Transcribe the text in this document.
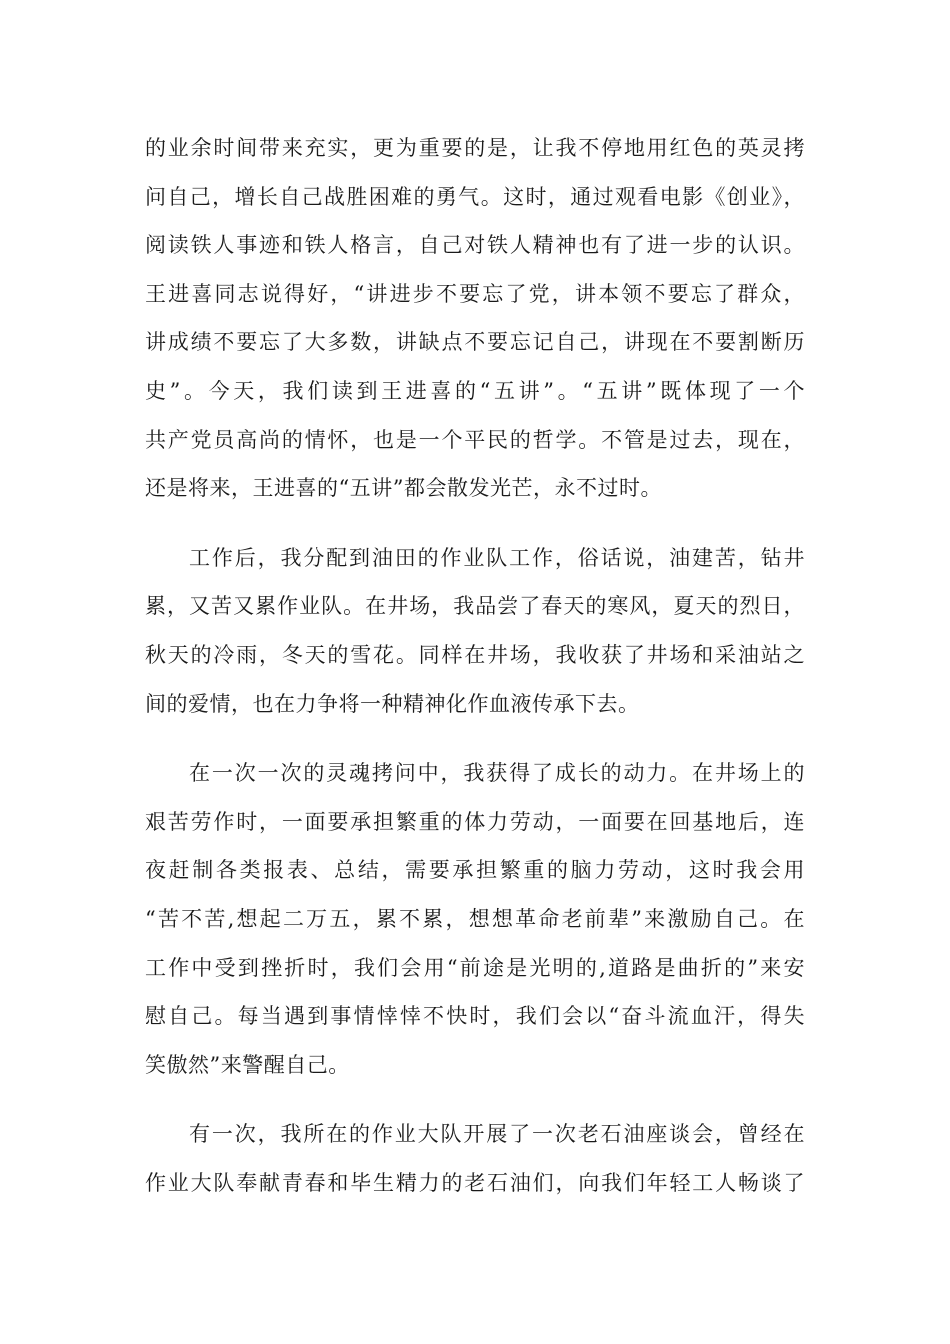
的业余时间带来充实，更为重要的是，让我不停地用红色的英灵拷
问自己，增长自己战胜困难的勇气。这时，通过观看电影《创业》，
阅读铁人事迹和铁人格言，自己对铁人精神也有了进一步的认识。
王进喜同志说得好，“讲进步不要忘了党，讲本领不要忘了群众，
讲成绩不要忘了大多数，讲缺点不要忘记自己，讲现在不要割断历
史”。今天，我们读到王进喜的“五讲”。“五讲”既体现了一个
共产党员高尚的情怀，也是一个平民的哲学。不管是过去，现在，
还是将来，王进喜的“五讲”都会散发光芒，永不过时。
工作后，我分配到油田的作业队工作，俗话说，油建苦，钻井
累，又苦又累作业队。在井场，我品尝了春天的寒风，夏天的烈日，
秋天的冷雨，冬天的雪花。同样在井场，我收获了井场和采油站之
间的爱情，也在力争将一种精神化作血液传承下去。
在一次一次的灵魂拷问中，我获得了成长的动力。在井场上的
艰苦劳作时，一面要承担繁重的体力劳动，一面要在回基地后，连
夜赶制各类报表、总结，需要承担繁重的脑力劳动，这时我会用
“苦不苦,想起二万五，累不累，想想革命老前辈”来激励自己。在
工作中受到挫折时，我们会用“前途是光明的,道路是曲折的”来安
慰自己。每当遇到事情悻悻不快时，我们会以“奋斗流血汗，得失
笑傲然”来警醒自己。
有一次，我所在的作业大队开展了一次老石油座谈会，曾经在
作业大队奉献青春和毕生精力的老石油们，向我们年轻工人畅谈了
